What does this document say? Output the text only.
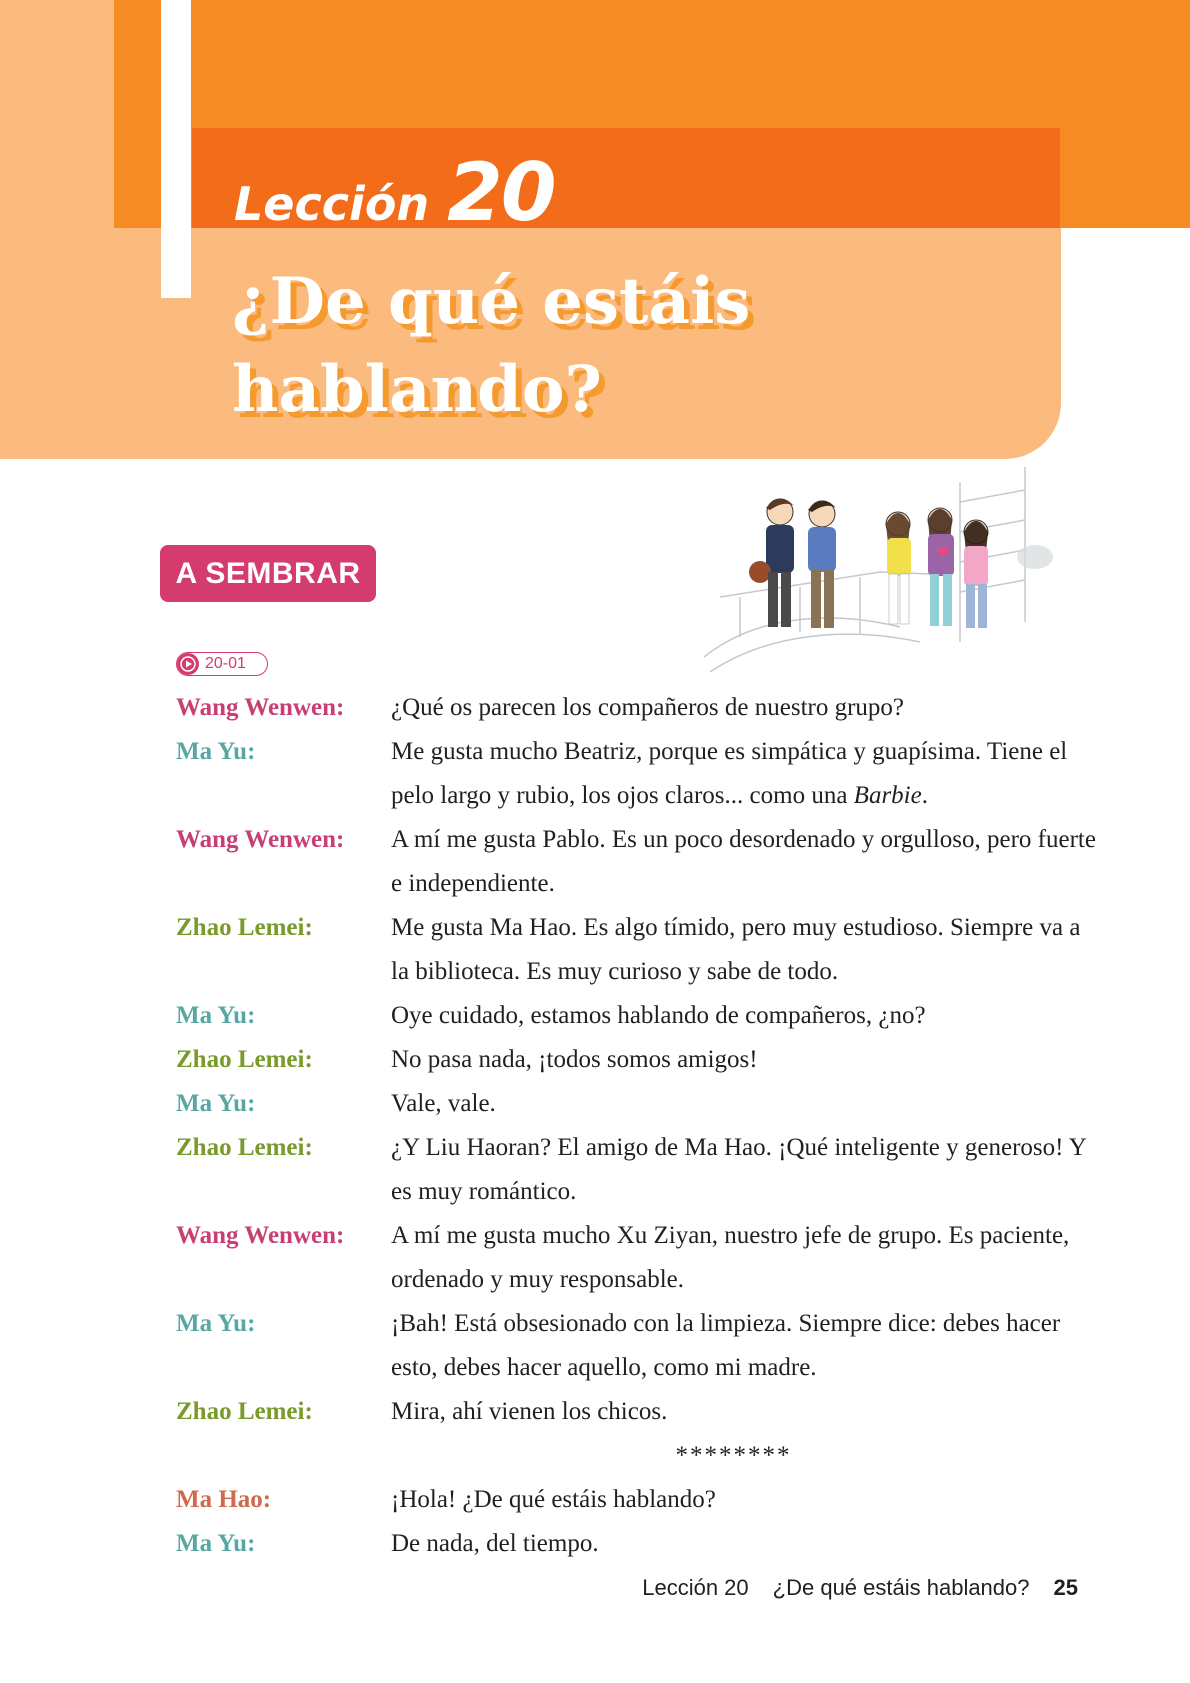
Lección 20
¿De qué estáis hablando?
A SEMBRAR
20-01
Wang Wenwen:	¿Qué os parecen los compañeros de nuestro grupo?
Ma Yu:	Me gusta mucho Beatriz, porque es simpática y guapísima. Tiene el pelo largo y rubio, los ojos claros... como una Barbie.
Wang Wenwen:	A mí me gusta Pablo. Es un poco desordenado y orgulloso, pero fuerte e independiente.
Zhao Lemei:	Me gusta Ma Hao. Es algo tímido, pero muy estudioso. Siempre va a la biblioteca. Es muy curioso y sabe de todo.
Ma Yu:	Oye cuidado, estamos hablando de compañeros, ¿no?
Zhao Lemei:	No pasa nada, ¡todos somos amigos!
Ma Yu:	Vale, vale.
Zhao Lemei:	¿Y Liu Haoran? El amigo de Ma Hao. ¡Qué inteligente y generoso! Y es muy romántico.
Wang Wenwen:	A mí me gusta mucho Xu Ziyan, nuestro jefe de grupo. Es paciente, ordenado y muy responsable.
Ma Yu:	¡Bah! Está obsesionado con la limpieza. Siempre dice: debes hacer esto, debes hacer aquello, como mi madre.
Zhao Lemei:	Mira, ahí vienen los chicos.
********
Ma Hao:	¡Hola! ¿De qué estáis hablando?
Ma Yu:	De nada, del tiempo.
Lección 20 ¿De qué estáis hablando? 25
